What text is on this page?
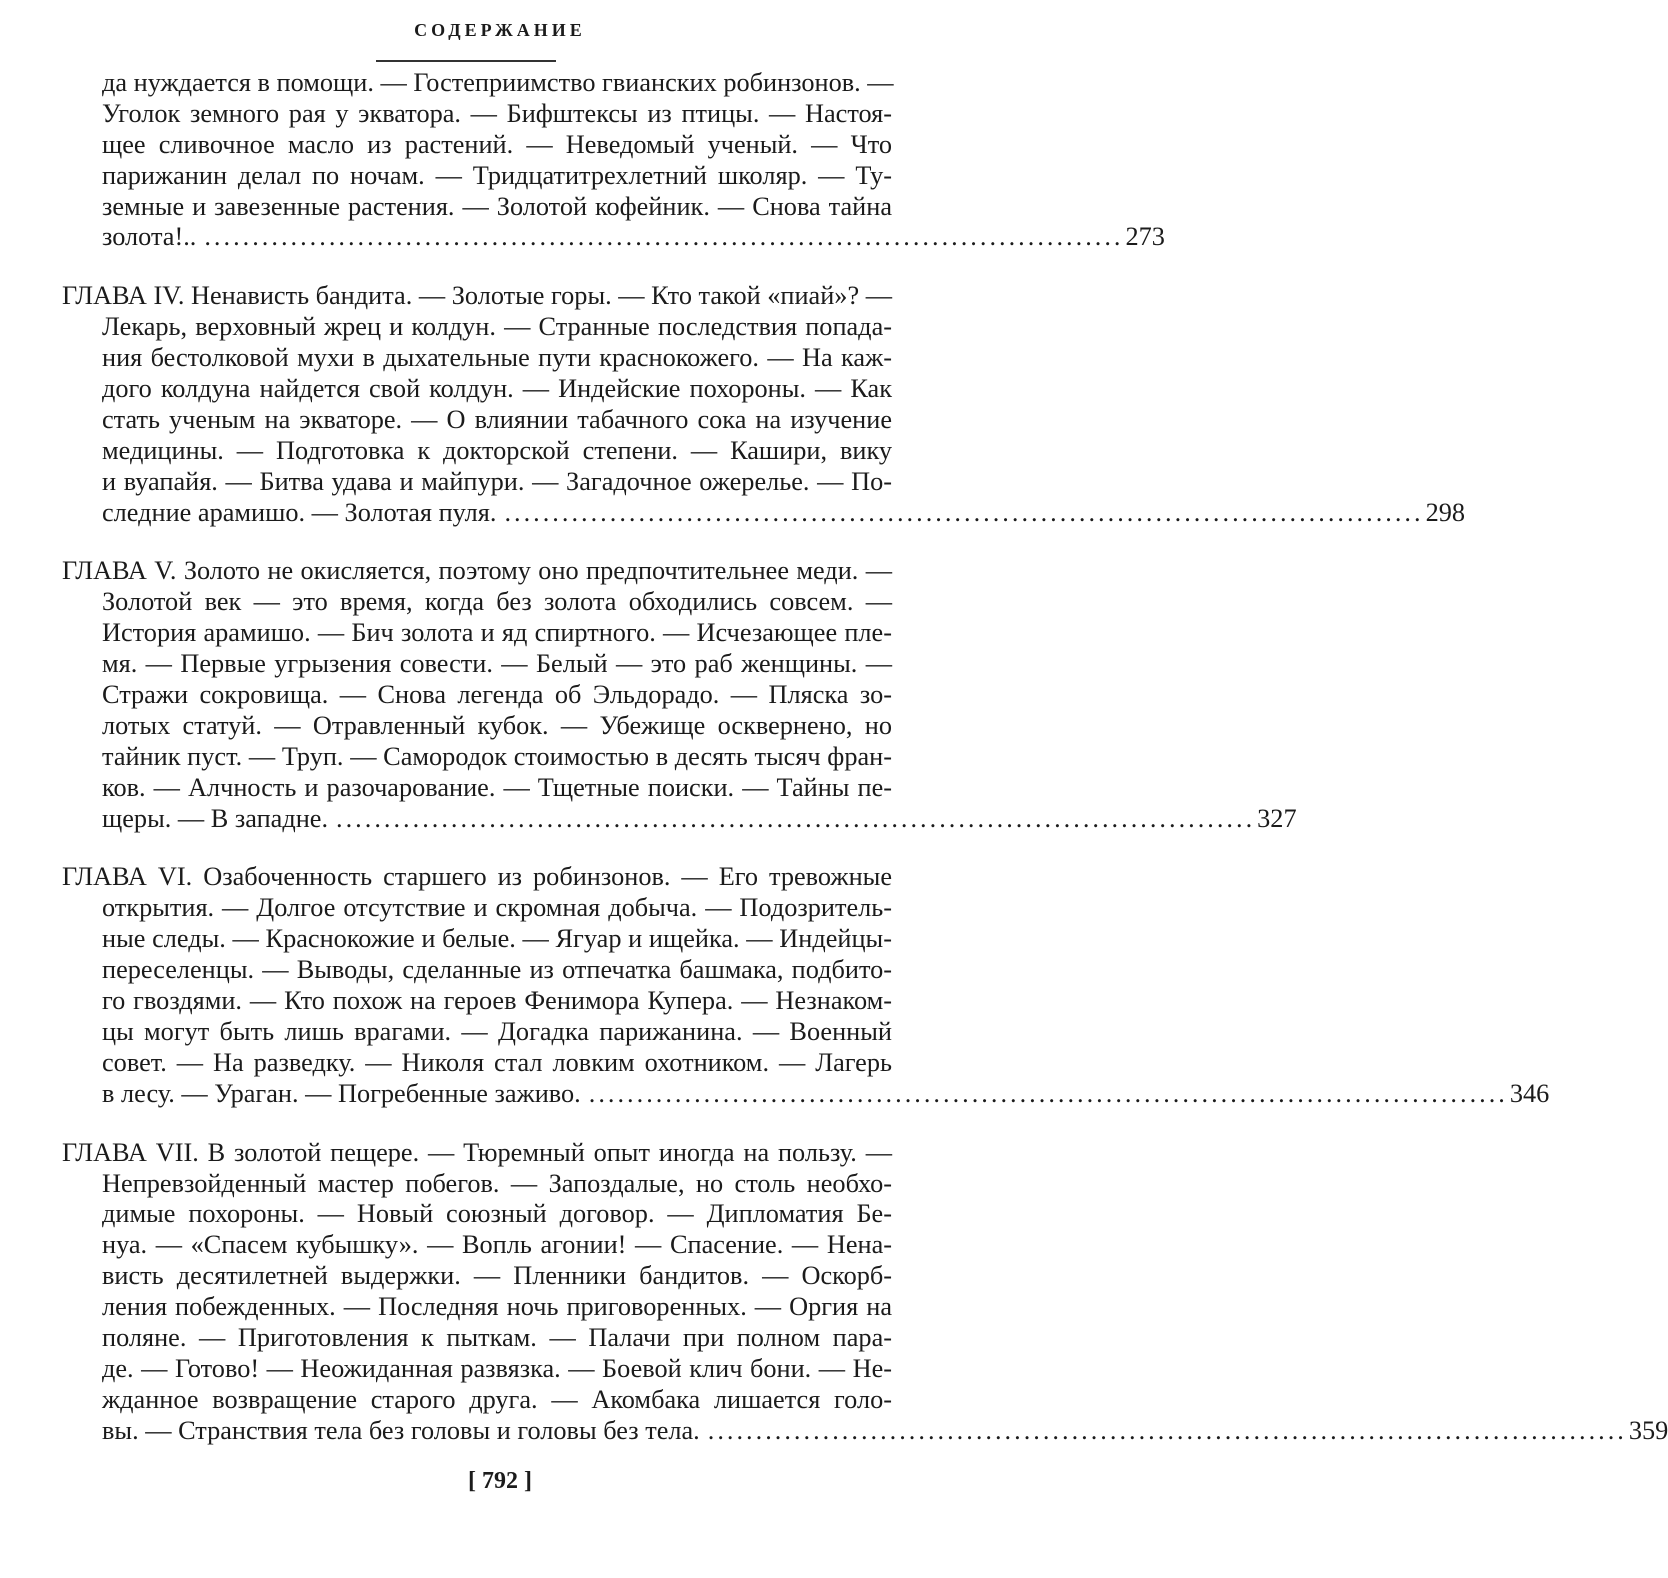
СОДЕРЖАНИЕ
да нуждается в помощи. — Гостеприимство гвианских робинзонов. —
Уголок земного рая у экватора. — Бифштексы из птицы. — Настоя-
щее сливочное масло из растений. — Неведомый ученый. — Что
парижанин делал по ночам. — Тридцатитрехлетний школяр. — Ту-
земные и завезенные растения. — Золотой кофейник. — Снова тайна
золота!.. ................................................................................................ 273
ГЛАВА IV. Ненависть бандита. — Золотые горы. — Кто такой «пиай»? —
Лекарь, верховный жрец и колдун. — Странные последствия попада-
ния бестолковой мухи в дыхательные пути краснокожего. — На каж-
дого колдуна найдется свой колдун. — Индейские похороны. — Как
стать ученым на экваторе. — О влиянии табачного сока на изучение
медицины. — Подготовка к докторской степени. — Кашири, вику
и вуапайя. — Битва удава и майпури. — Загадочное ожерелье. — По-
следние арамишо. — Золотая пуля. ................................................................................................ 298
ГЛАВА V. Золото не окисляется, поэтому оно предпочтительнее меди. —
Золотой век — это время, когда без золота обходились совсем. —
История арамишо. — Бич золота и яд спиртного. — Исчезающее пле-
мя. — Первые угрызения совести. — Белый — это раб женщины. —
Стражи сокровища. — Снова легенда об Эльдорадо. — Пляска зо-
лотых статуй. — Отравленный кубок. — Убежище осквернено, но
тайник пуст. — Труп. — Самородок стоимостью в десять тысяч фран-
ков. — Алчность и разочарование. — Тщетные поиски. — Тайны пе-
щеры. — В западне. ................................................................................................ 327
ГЛАВА VI. Озабоченность старшего из робинзонов. — Его тревожные
открытия. — Долгое отсутствие и скромная добыча. — Подозритель-
ные следы. — Краснокожие и белые. — Ягуар и ищейка. — Индейцы-
переселенцы. — Выводы, сделанные из отпечатка башмака, подбито-
го гвоздями. — Кто похож на героев Фенимора Купера. — Незнаком-
цы могут быть лишь врагами. — Догадка парижанина. — Военный
совет. — На разведку. — Николя стал ловким охотником. — Лагерь
в лесу. — Ураган. — Погребенные заживо. ................................................................................................ 346
ГЛАВА VII. В золотой пещере. — Тюремный опыт иногда на пользу. —
Непревзойденный мастер побегов. — Запоздалые, но столь необхо-
димые похороны. — Новый союзный договор. — Дипломатия Бе-
нуа. — «Спасем кубышку». — Вопль агонии! — Спасение. — Нена-
висть десятилетней выдержки. — Пленники бандитов. — Оскорб-
ления побежденных. — Последняя ночь приговоренных. — Оргия на
поляне. — Приготовления к пыткам. — Палачи при полном пара-
де. — Готово! — Неожиданная развязка. — Боевой клич бони. — Не-
жданное возвращение старого друга. — Акомбака лишается голо-
вы. — Странствия тела без головы и головы без тела. ................................................................................................ 359
[ 792 ]
